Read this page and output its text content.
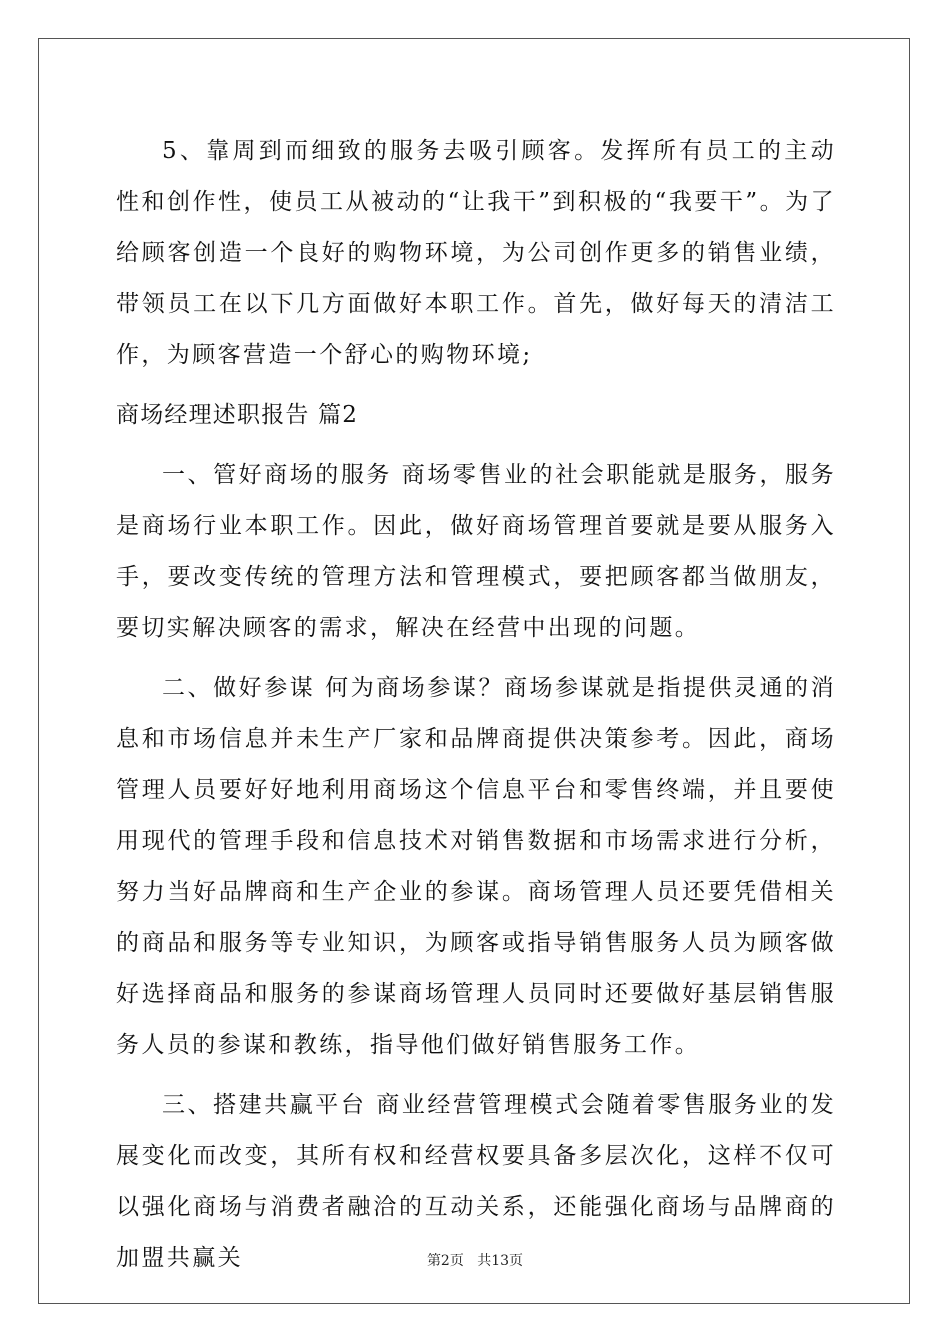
5、靠周到而细致的服务去吸引顾客。发挥所有员工的主动性和创作性，使员工从被动的“让我干”到积极的“我要干”。为了给顾客创造一个良好的购物环境，为公司创作更多的销售业绩，带领员工在以下几方面做好本职工作。首先，做好每天的清洁工作，为顾客营造一个舒心的购物环境;

商场经理述职报告 篇2

一、管好商场的服务 商场零售业的社会职能就是服务，服务是商场行业本职工作。因此，做好商场管理首要就是要从服务入手，要改变传统的管理方法和管理模式，要把顾客都当做朋友，要切实解决顾客的需求，解决在经营中出现的问题。

二、做好参谋 何为商场参谋？商场参谋就是指提供灵通的消息和市场信息并未生产厂家和品牌商提供决策参考。因此，商场管理人员要好好地利用商场这个信息平台和零售终端，并且要使用现代的管理手段和信息技术对销售数据和市场需求进行分析，努力当好品牌商和生产企业的参谋。商场管理人员还要凭借相关的商品和服务等专业知识，为顾客或指导销售服务人员为顾客做好选择商品和服务的参谋商场管理人员同时还要做好基层销售服务人员的参谋和教练，指导他们做好销售服务工作。

三、搭建共赢平台 商业经营管理模式会随着零售服务业的发展变化而改变，其所有权和经营权要具备多层次化，这样不仅可以强化商场与消费者融洽的互动关系，还能强化商场与品牌商的加盟共赢关	第2页 共13页
